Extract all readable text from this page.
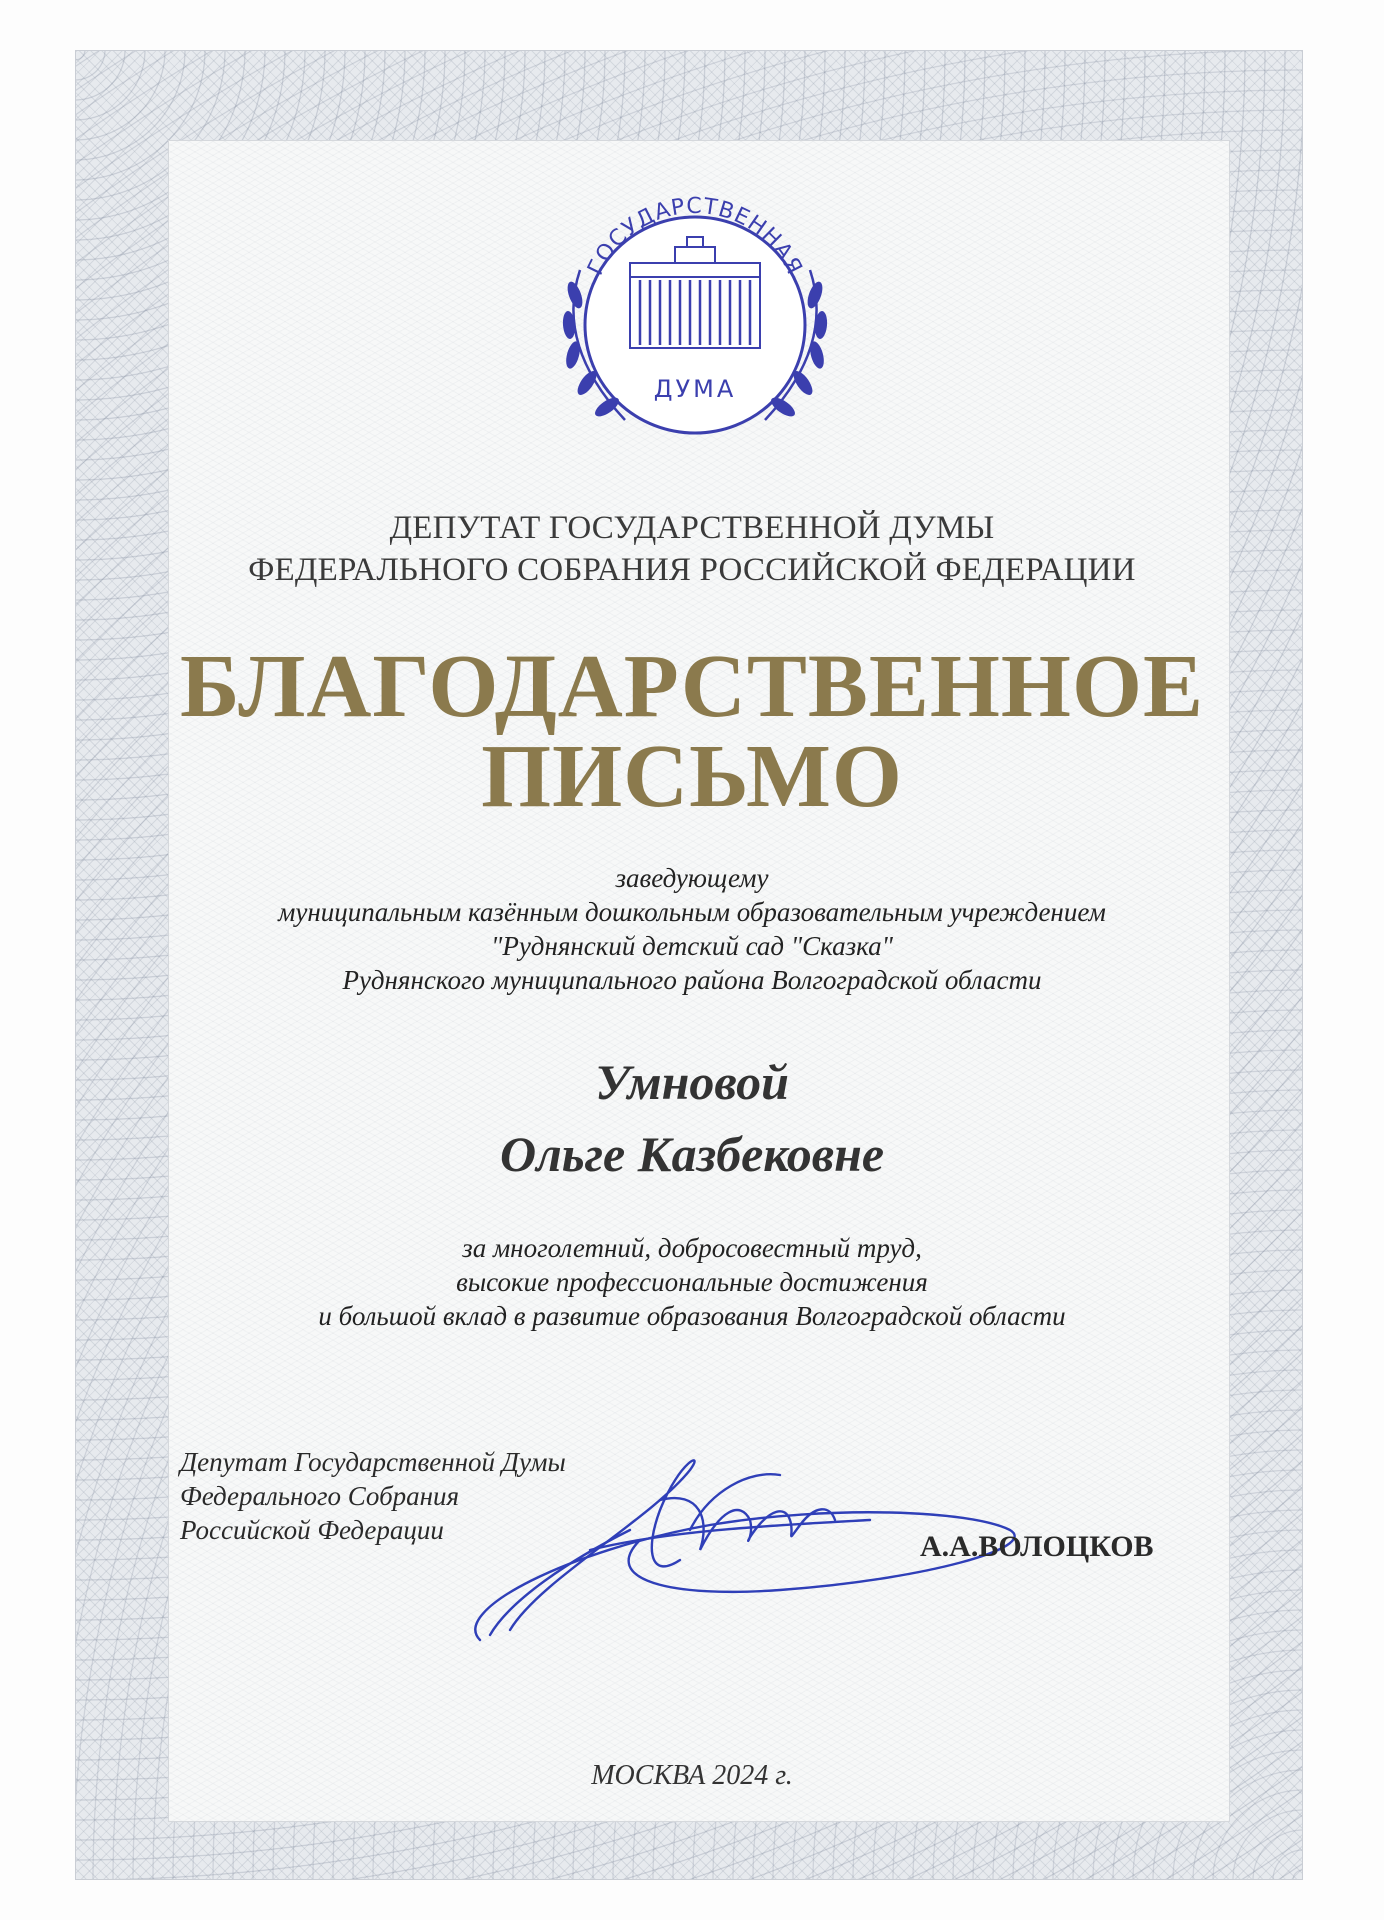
ГОСУДАРСТВЕННАЯ
ДУМА
ДЕПУТАТ ГОСУДАРСТВЕННОЙ ДУМЫ
ФЕДЕРАЛЬНОГО СОБРАНИЯ РОССИЙСКОЙ ФЕДЕРАЦИИ
БЛАГОДАРСТВЕННОЕ
ПИСЬМО
заведующему
муниципальным казённым дошкольным образовательным учреждением
"Руднянский детский сад "Сказка"
Руднянского муниципального района Волгоградской области
Умновой
Ольге Казбековне
за многолетний, добросовестный труд,
высокие профессиональные достижения
и большой вклад в развитие образования Волгоградской области
Депутат Государственной Думы
Федерального Собрания
Российской Федерации	А.А.ВОЛОЦКОВ
МОСКВА 2024 г.
